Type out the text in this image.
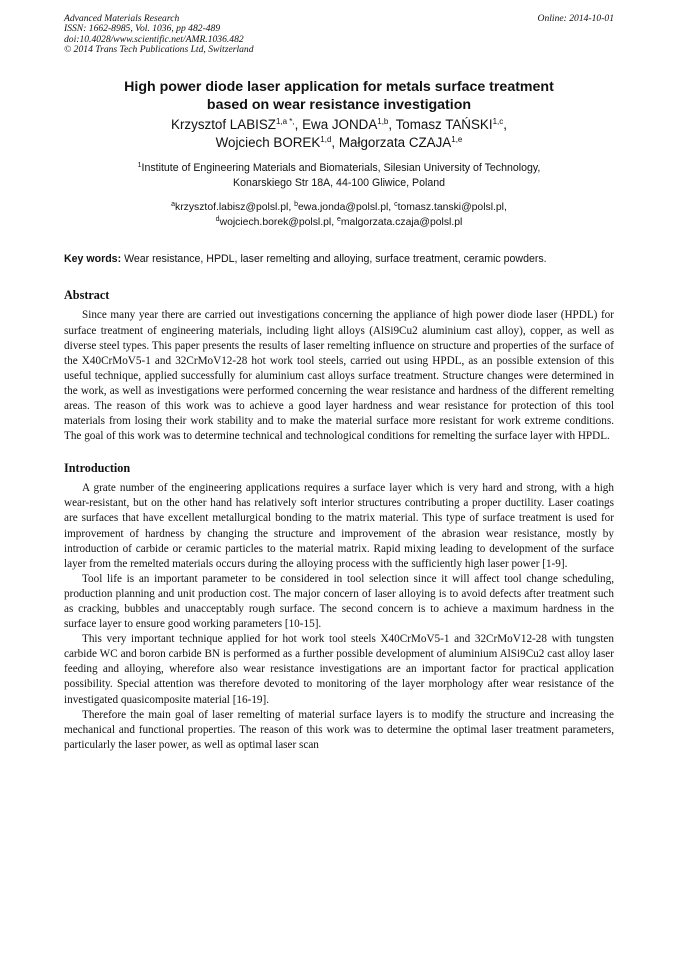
Advanced Materials Research
ISSN: 1662-8985, Vol. 1036, pp 482-489
doi:10.4028/www.scientific.net/AMR.1036.482
© 2014 Trans Tech Publications Ltd, Switzerland
Online: 2014-10-01
High power diode laser application for metals surface treatment
based on wear resistance investigation
Krzysztof $LABISZ^{1,a *,}$, Ewa JONDA$^{1,b}$, Tomasz TAŃSKI$^{1,c}$,
Wojciech BOREK$^{1,d}$, Małgorzata CZAJA$^{1,e}$
$^1$Institute of Engineering Materials and Biomaterials, Silesian University of Technology,
Konarskiego Str 18A, 44-100 Gliwice, Poland
$^a$krzysztof.labisz@polsl.pl, $^b$ewa.jonda@polsl.pl, $^c$tomasz.tanski@polsl.pl,
$^d$wojciech.borek@polsl.pl, $^e$malgorzata.czaja@polsl.pl
Key words: Wear resistance, HPDL, laser remelting and alloying, surface treatment, ceramic powders.
Abstract

Since many year there are carried out investigations concerning the appliance of high power diode laser (HPDL) for surface treatment of engineering materials, including light alloys (AlSi9Cu2 aluminium cast alloy), copper, as well as diverse steel types. This paper presents the results of laser remelting influence on structure and properties of the surface of the X40CrMoV5-1 and 32CrMoV12-28 hot work tool steels, carried out using HPDL, as an possible extension of this useful technique, applied successfully for aluminium cast alloys surface treatment. Structure changes were determined in the work, as well as investigations were performed concerning the wear resistance and hardness of the different remelting areas. The reason of this work was to achieve a good layer hardness and wear resistance for protection of this tool materials from losing their work stability and to make the material surface more resistant for work extreme conditions. The goal of this work was to determine technical and technological conditions for remelting the surface layer with HPDL.

Introduction

A grate number of the engineering applications requires a surface layer which is very hard and strong, with a high wear-resistant, but on the other hand has relatively soft interior structures contributing a proper ductility. Laser coatings are surfaces that have excellent metallurgical bonding to the matrix material. This type of surface treatment is used for improvement of hardness by changing the structure and improvement of the abrasion wear resistance, mostly by introduction of carbide or ceramic particles to the material matrix. Rapid mixing leading to development of the surface layer from the remelted materials occurs during the alloying process with the sufficiently high laser power [1-9].

Tool life is an important parameter to be considered in tool selection since it will affect tool change scheduling, production planning and unit production cost. The major concern of laser alloying is to avoid defects after treatment such as cracking, bubbles and unacceptably rough surface. The second concern is to achieve a maximum hardness in the surface layer to ensure good working parameters [10-15].

This very important technique applied for hot work tool steels X40CrMoV5-1 and 32CrMoV12-28 with tungsten carbide WC and boron carbide BN is performed as a further possible development of aluminium AlSi9Cu2 cast alloy laser feeding and alloying, wherefore also wear resistance investigations are an important factor for practical application possibility. Special attention was therefore devoted to monitoring of the layer morphology after wear resistance of the investigated quasicomposite material [16-19].

Therefore the main goal of laser remelting of material surface layers is to modify the structure and increasing the mechanical and functional properties. The reason of this work was to determine the optimal laser treatment parameters, particularly the laser power, as well as optimal laser scan
